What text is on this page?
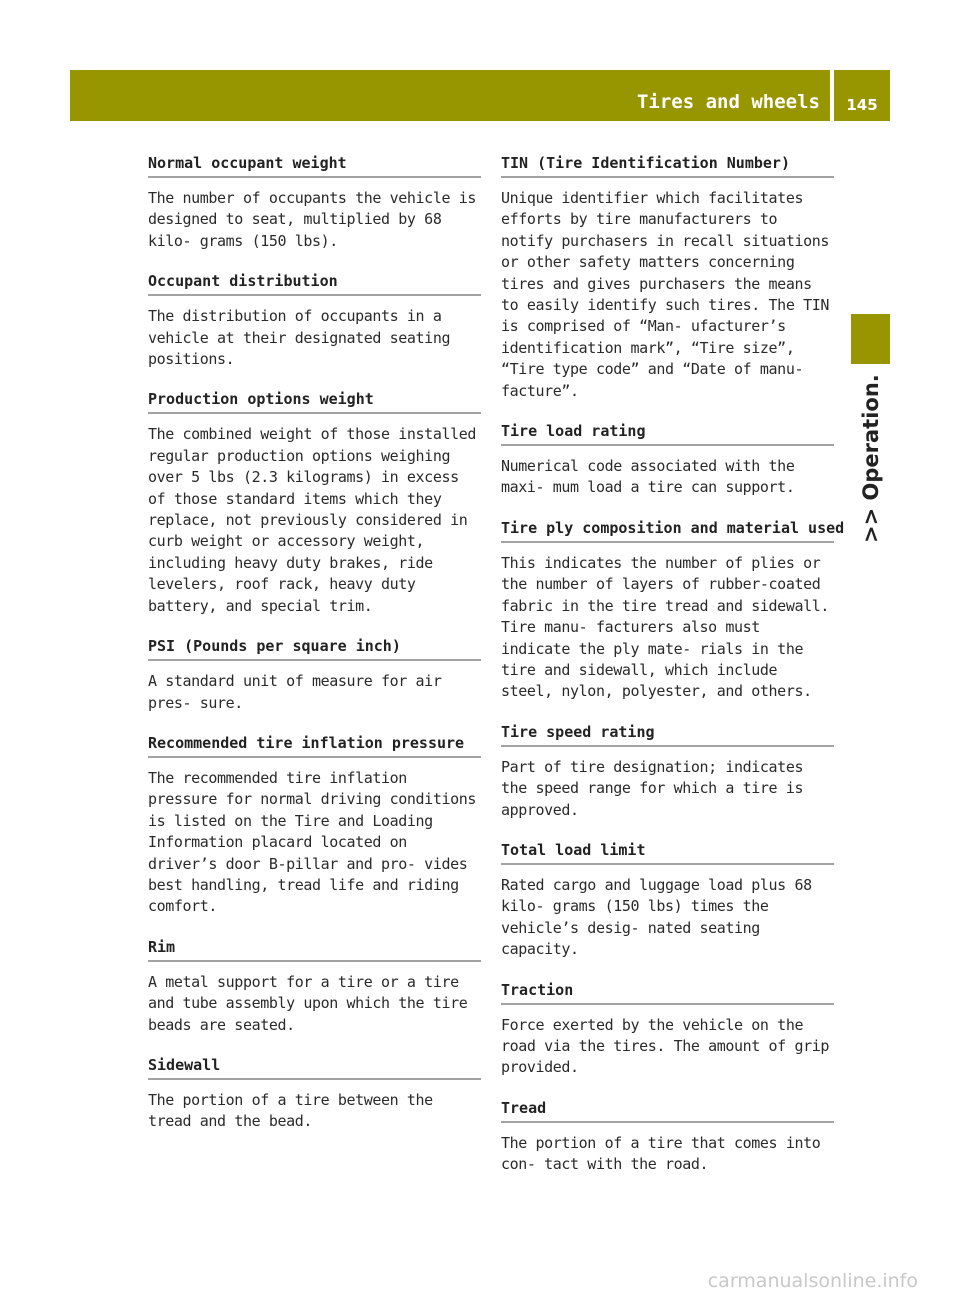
Tires and wheels	145
>> Operation.
Normal occupant weight
The number of occupants the vehicle is designed to seat, multiplied by 68 kilo- grams (150 lbs).
Occupant distribution
The distribution of occupants in a vehicle at their designated seating positions.
Production options weight
The combined weight of those installed regular production options weighing over 5 lbs (2.3 kilograms) in excess of those standard items which they replace, not previously considered in curb weight or accessory weight, including heavy duty brakes, ride levelers, roof rack, heavy duty battery, and special trim.
PSI (Pounds per square inch)
A standard unit of measure for air pres- sure.
Recommended tire inflation pressure
The recommended tire inflation pressure for normal driving conditions is listed on the Tire and Loading Information placard located on driver’s door B-pillar and pro- vides best handling, tread life and riding comfort.
Rim
A metal support for a tire or a tire and tube assembly upon which the tire beads are seated.
Sidewall
The portion of a tire between the tread and the bead.
TIN (Tire Identification Number)
Unique identifier which facilitates efforts by tire manufacturers to notify purchasers in recall situations or other safety matters concerning tires and gives purchasers the means to easily identify such tires. The TIN is comprised of “Man- ufacturer’s identification mark”, “Tire size”, “Tire type code” and “Date of manu- facture”.
Tire load rating
Numerical code associated with the maxi- mum load a tire can support.
Tire ply composition and material used
This indicates the number of plies or the number of layers of rubber-coated fabric in the tire tread and sidewall. Tire manu- facturers also must indicate the ply mate- rials in the tire and sidewall, which include steel, nylon, polyester, and others.
Tire speed rating
Part of tire designation; indicates the speed range for which a tire is approved.
Total load limit
Rated cargo and luggage load plus 68 kilo- grams (150 lbs) times the vehicle’s desig- nated seating capacity.
Traction
Force exerted by the vehicle on the road via the tires. The amount of grip provided.
Tread
The portion of a tire that comes into con- tact with the road.
carmanualsonline.info
